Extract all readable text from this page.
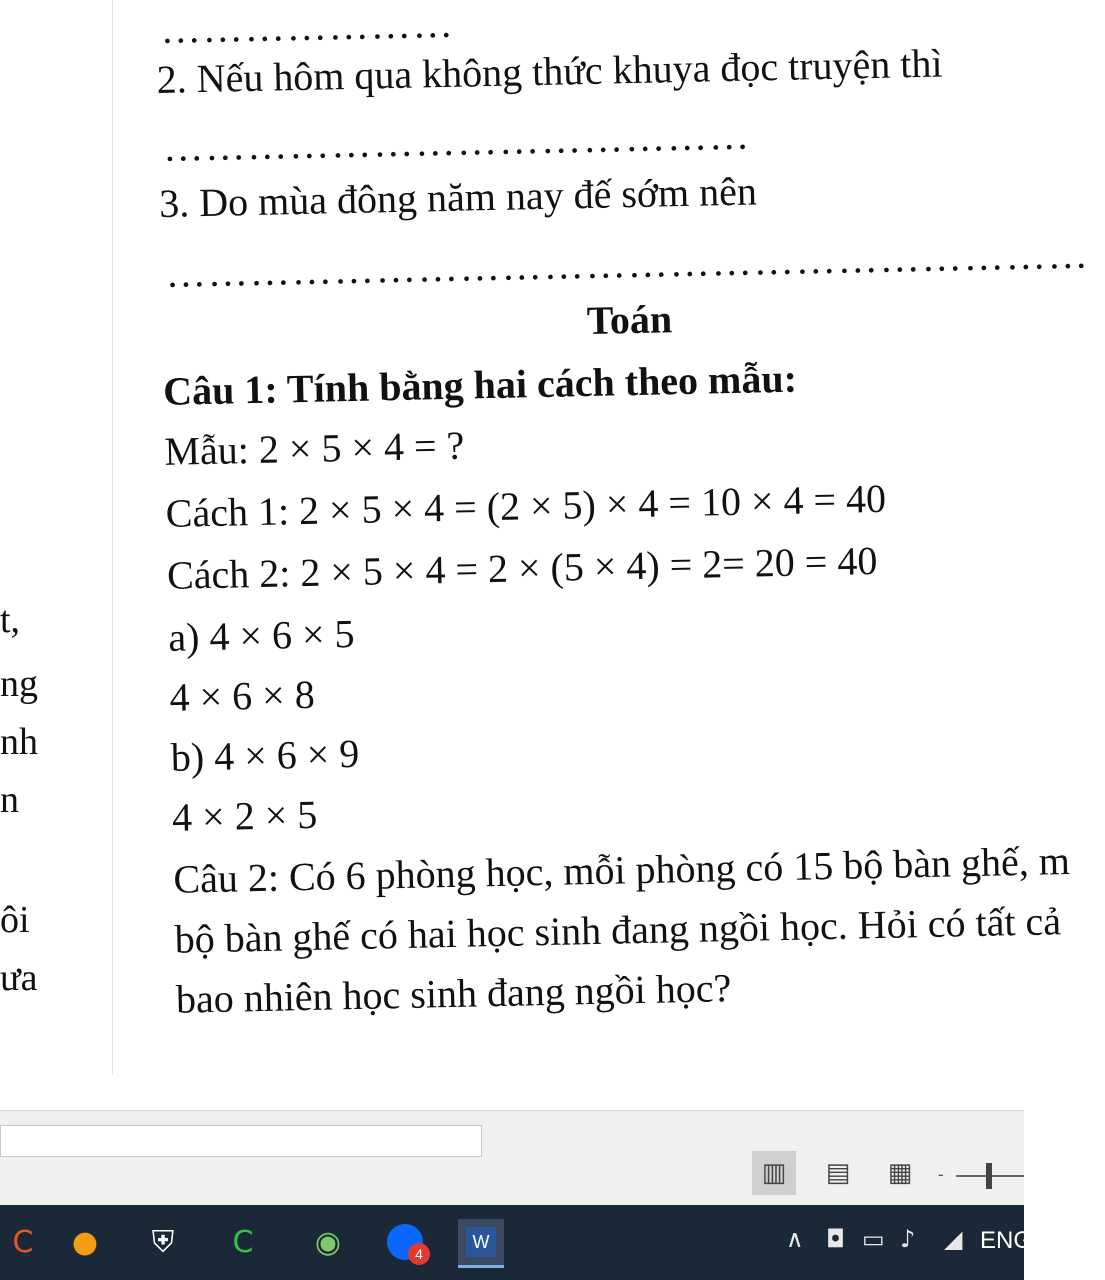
t,
ng
nh
n
ôi
ưa
…………………
2. Nếu hôm qua không thức khuya đọc truyện thì
……………………………………
3. Do mùa đông năm nay đế sớm nên
…………………………………………………………
Toán
Câu 1: Tính bằng hai cách theo mẫu:
Mẫu: 2 × 5 × 4 = ?
Cách 1: 2 × 5 × 4 = (2 × 5) × 4 = 10 × 4 = 40
Cách 2: 2 × 5 × 4 = 2 × (5 × 4) = 2= 20 = 40
a) 4 × 6 × 5
4 × 6 × 8
b) 4 × 6 × 9
4 × 2 × 5
Câu 2: Có 6 phòng học, mỗi phòng có 15 bộ bàn ghế, m
bộ bàn ghế có hai học sinh đang ngồi học. Hỏi có tất cả
bao nhiên học sinh đang ngồi học?
▥	▤	▦	-
C	●	⛨	C	◉	4
W	∧ ◘ ▭ ♪ ◢ ENG
